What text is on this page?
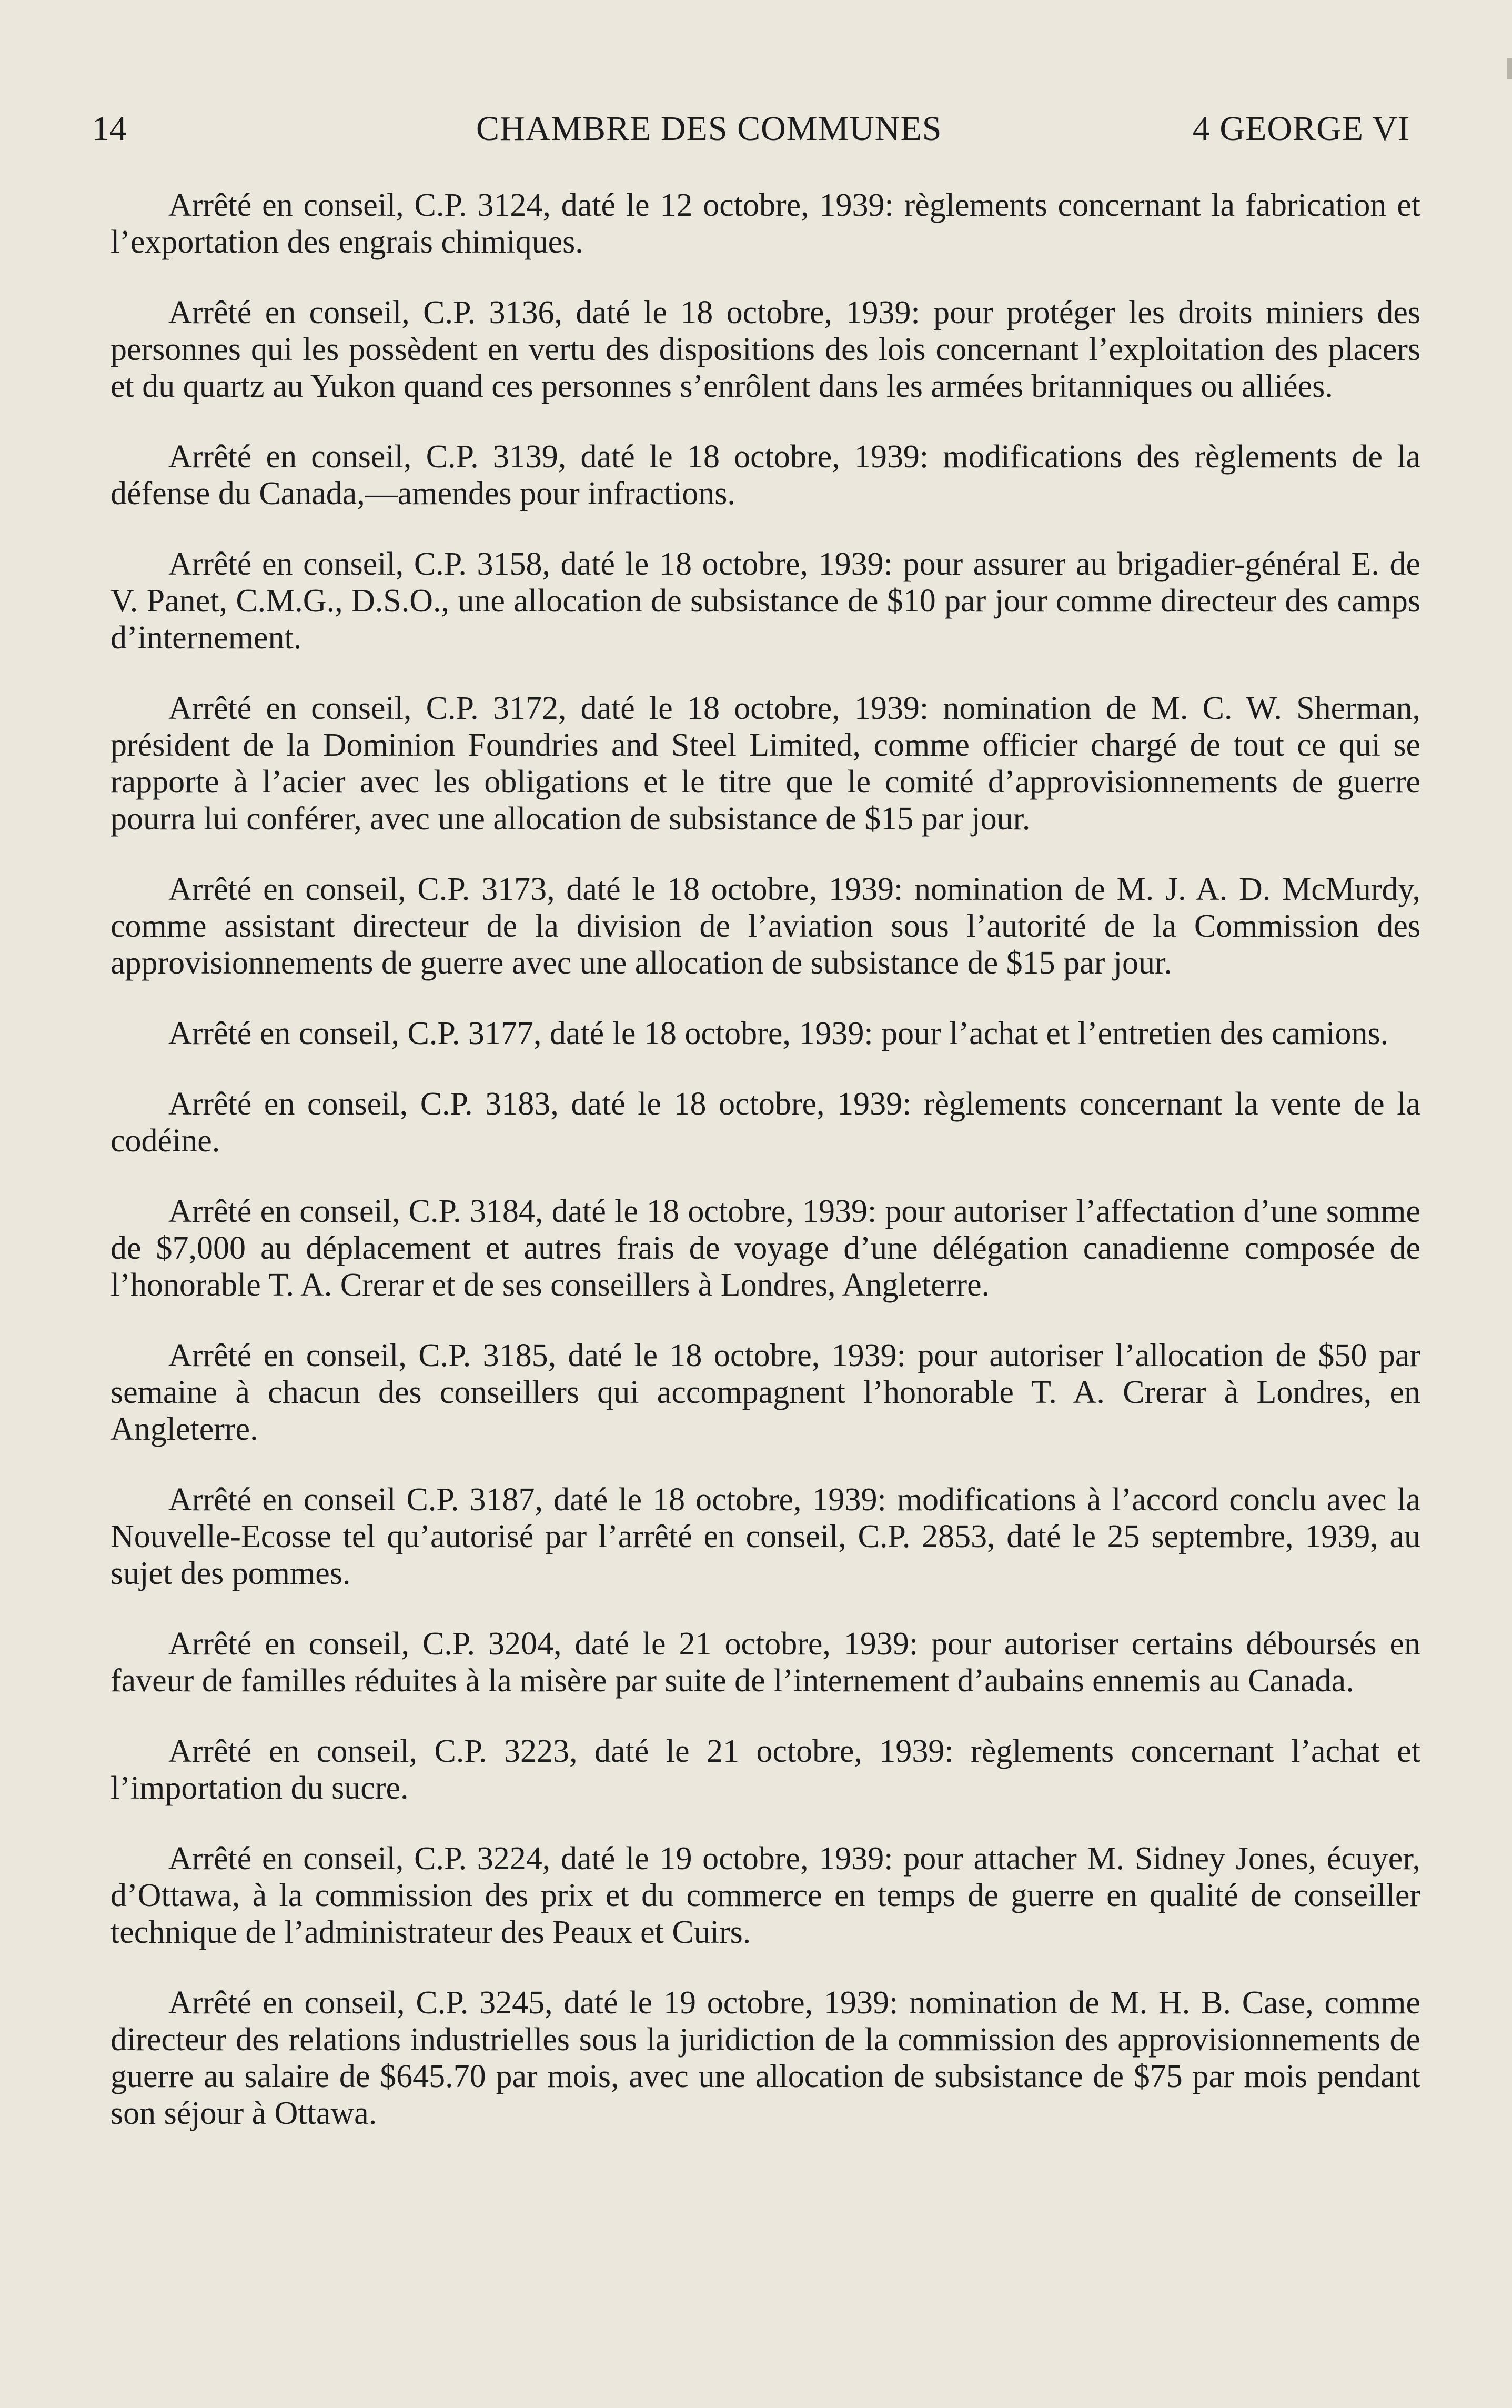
14	CHAMBRE DES COMMUNES	4 GEORGE VI

Arrêté en conseil, C.P. 3124, daté le 12 octobre, 1939: règlements concernant la fabrication et l’exportation des engrais chimiques.

Arrêté en conseil, C.P. 3136, daté le 18 octobre, 1939: pour protéger les droits miniers des personnes qui les possèdent en vertu des dispositions des lois concernant l’exploitation des placers et du quartz au Yukon quand ces personnes s’enrôlent dans les armées britanniques ou alliées.

Arrêté en conseil, C.P. 3139, daté le 18 octobre, 1939: modifications des règlements de la défense du Canada,—amendes pour infractions.

Arrêté en conseil, C.P. 3158, daté le 18 octobre, 1939: pour assurer au brigadier-général E. de V. Panet, C.M.G., D.S.O., une allocation de subsistance de $10 par jour comme directeur des camps d’internement.

Arrêté en conseil, C.P. 3172, daté le 18 octobre, 1939: nomination de M. C. W. Sherman, président de la Dominion Foundries and Steel Limited, comme officier chargé de tout ce qui se rapporte à l’acier avec les obligations et le titre que le comité d’approvisionnements de guerre pourra lui conférer, avec une allocation de subsistance de $15 par jour.

Arrêté en conseil, C.P. 3173, daté le 18 octobre, 1939: nomination de M. J. A. D. McMurdy, comme assistant directeur de la division de l’aviation sous l’autorité de la Commission des approvisionnements de guerre avec une allocation de subsistance de $15 par jour.

Arrêté en conseil, C.P. 3177, daté le 18 octobre, 1939: pour l’achat et l’entretien des camions.

Arrêté en conseil, C.P. 3183, daté le 18 octobre, 1939: règlements concernant la vente de la codéine.

Arrêté en conseil, C.P. 3184, daté le 18 octobre, 1939: pour autoriser l’affectation d’une somme de $7,000 au déplacement et autres frais de voyage d’une délégation canadienne composée de l’honorable T. A. Crerar et de ses conseillers à Londres, Angleterre.

Arrêté en conseil, C.P. 3185, daté le 18 octobre, 1939: pour autoriser l’allocation de $50 par semaine à chacun des conseillers qui accompagnent l’honorable T. A. Crerar à Londres, en Angleterre.

Arrêté en conseil C.P. 3187, daté le 18 octobre, 1939: modifications à l’accord conclu avec la Nouvelle-Ecosse tel qu’autorisé par l’arrêté en conseil, C.P. 2853, daté le 25 septembre, 1939, au sujet des pommes.

Arrêté en conseil, C.P. 3204, daté le 21 octobre, 1939: pour autoriser certains déboursés en faveur de familles réduites à la misère par suite de l’internement d’aubains ennemis au Canada.

Arrêté en conseil, C.P. 3223, daté le 21 octobre, 1939: règlements concernant l’achat et l’importation du sucre.

Arrêté en conseil, C.P. 3224, daté le 19 octobre, 1939: pour attacher M. Sidney Jones, écuyer, d’Ottawa, à la commission des prix et du commerce en temps de guerre en qualité de conseiller technique de l’administrateur des Peaux et Cuirs.

Arrêté en conseil, C.P. 3245, daté le 19 octobre, 1939: nomination de M. H. B. Case, comme directeur des relations industrielles sous la juridiction de la commission des approvisionnements de guerre au salaire de $645.70 par mois, avec une allocation de subsistance de $75 par mois pendant son séjour à Ottawa.
